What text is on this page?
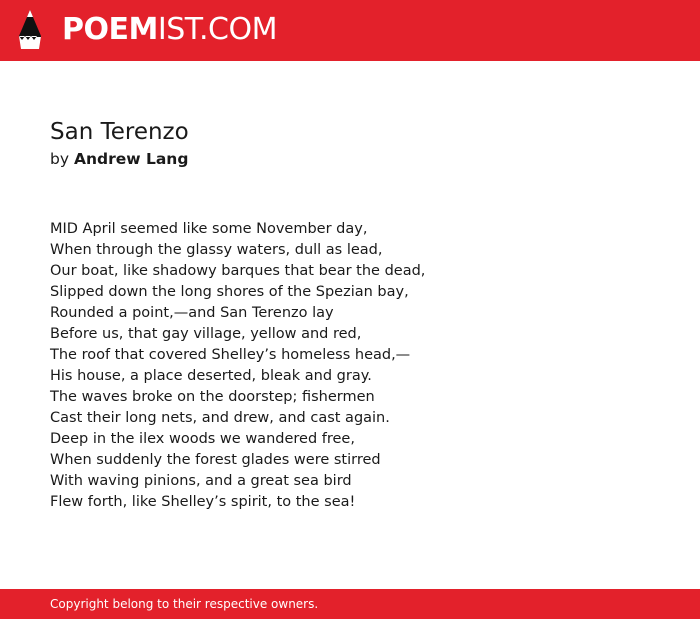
POEMIST.COM
San Terenzo
by Andrew Lang
MID April seemed like some November day,
When through the glassy waters, dull as lead,
Our boat, like shadowy barques that bear the dead,
Slipped down the long shores of the Spezian bay,
Rounded a point,—and San Terenzo lay
Before us, that gay village, yellow and red,
The roof that covered Shelley’s homeless head,—
His house, a place deserted, bleak and gray.
The waves broke on the doorstep; fishermen
Cast their long nets, and drew, and cast again.
Deep in the ilex woods we wandered free,
When suddenly the forest glades were stirred
With waving pinions, and a great sea bird
Flew forth, like Shelley’s spirit, to the sea!
Copyright belong to their respective owners.
